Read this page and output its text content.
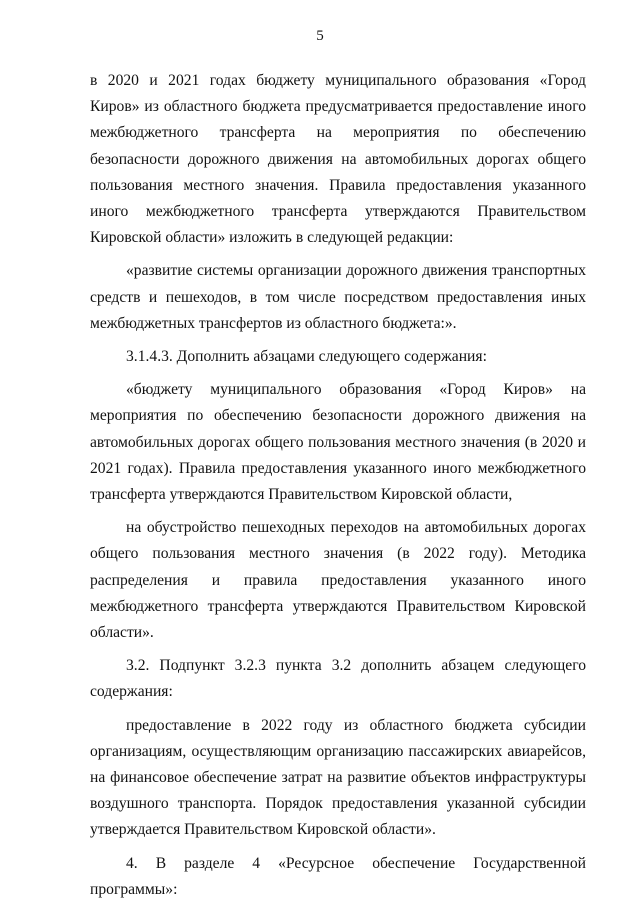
5

в 2020 и 2021 годах бюджету муниципального образования «Город Киров» из областного бюджета предусматривается предоставление иного межбюджетного трансферта на мероприятия по обеспечению безопасности дорожного движения на автомобильных дорогах общего пользования местного значения. Правила предоставления указанного иного межбюджетного трансферта утверждаются Правительством Кировской области» изложить в следующей редакции:

«развитие системы организации дорожного движения транспортных средств и пешеходов, в том числе посредством предоставления иных межбюджетных трансфертов из областного бюджета:».

3.1.4.3. Дополнить абзацами следующего содержания:

«бюджету муниципального образования «Город Киров» на мероприятия по обеспечению безопасности дорожного движения на автомобильных дорогах общего пользования местного значения (в 2020 и 2021 годах). Правила предоставления указанного иного межбюджетного трансферта утверждаются Правительством Кировской области,

на обустройство пешеходных переходов на автомобильных дорогах общего пользования местного значения (в 2022 году). Методика распределения и правила предоставления указанного иного межбюджетного трансферта утверждаются Правительством Кировской области».

3.2. Подпункт 3.2.3 пункта 3.2 дополнить абзацем следующего содержания:

предоставление в 2022 году из областного бюджета субсидии организациям, осуществляющим организацию пассажирских авиарейсов, на финансовое обеспечение затрат на развитие объектов инфраструктуры воздушного транспорта. Порядок предоставления указанной субсидии утверждается Правительством Кировской области».

4. В разделе 4 «Ресурсное обеспечение Государственной программы»:
